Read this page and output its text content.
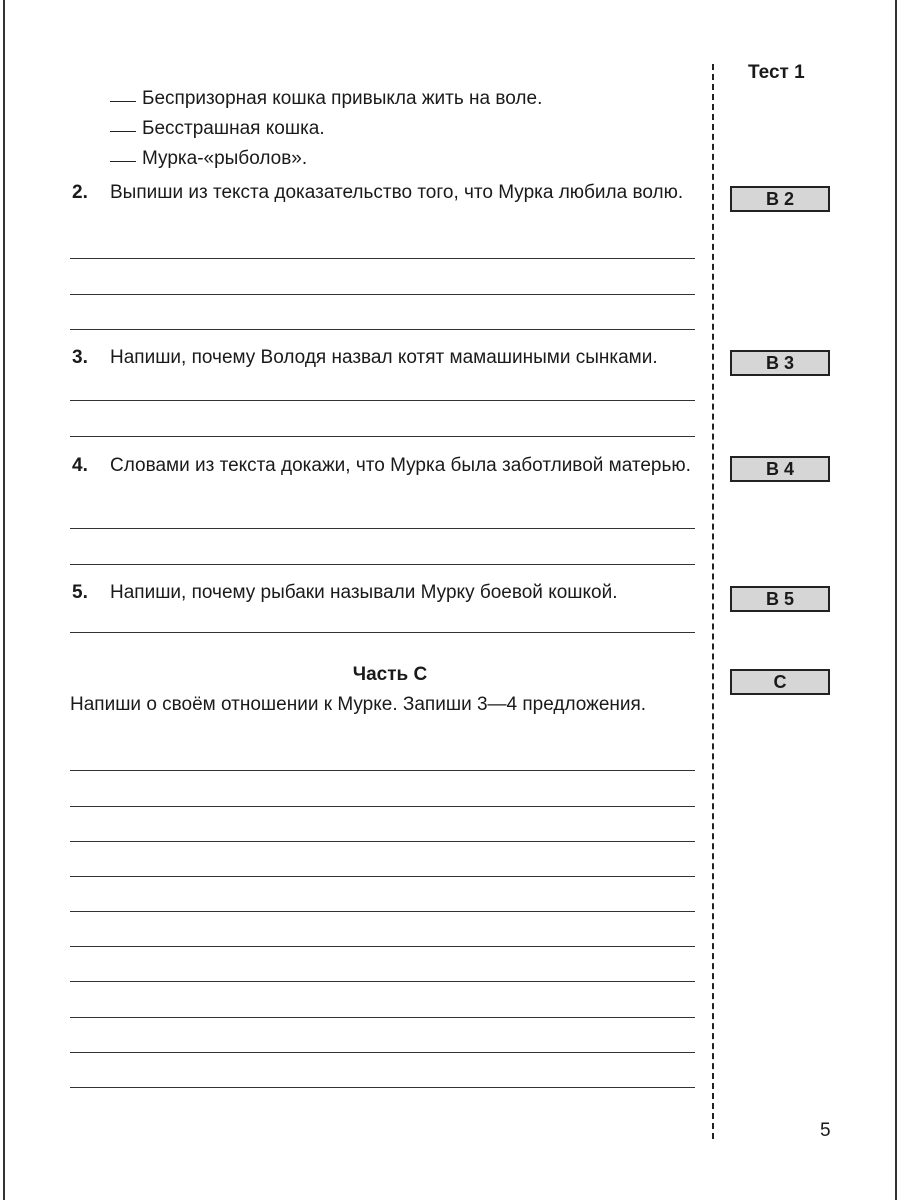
Тест 1
Беспризорная кошка привыкла жить на воле.
Бесстрашная кошка.
Мурка-«рыболов».
2. Выпиши из текста доказательство того, что Мурка любила волю.	В 2
3. Напиши, почему Володя назвал котят мамашиными сынками.	В 3
4. Словами из текста докажи, что Мурка была заботливой матерью.	В 4
5. Напиши, почему рыбаки называли Мурку боевой кошкой.	В 5
Часть С	С
Напиши о своём отношении к Мурке. Запиши 3—4 предложения.
5
